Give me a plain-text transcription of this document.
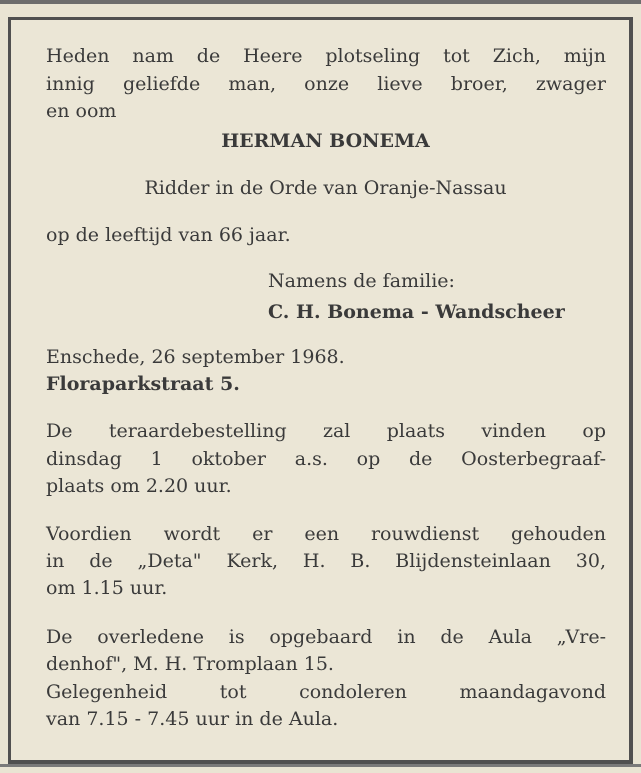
Heden nam de Heere plotseling tot Zich, mijn
innig geliefde man, onze lieve broer, zwager
en oom
HERMAN BONEMA
Ridder in de Orde van Oranje-Nassau
op de leeftijd van 66 jaar.
Namens de familie:
C. H. Bonema - Wandscheer
Enschede, 26 september 1968.
Floraparkstraat 5.
De teraardebestelling zal plaats vinden op
dinsdag 1 oktober a.s. op de Oosterbegraaf-
plaats om 2.20 uur.
Voordien wordt er een rouwdienst gehouden
in de „Deta" Kerk, H. B. Blijdensteinlaan 30,
om 1.15 uur.
De overledene is opgebaard in de Aula „Vre-
denhof", M. H. Tromplaan 15.
Gelegenheid tot condoleren maandagavond
van 7.15 - 7.45 uur in de Aula.
